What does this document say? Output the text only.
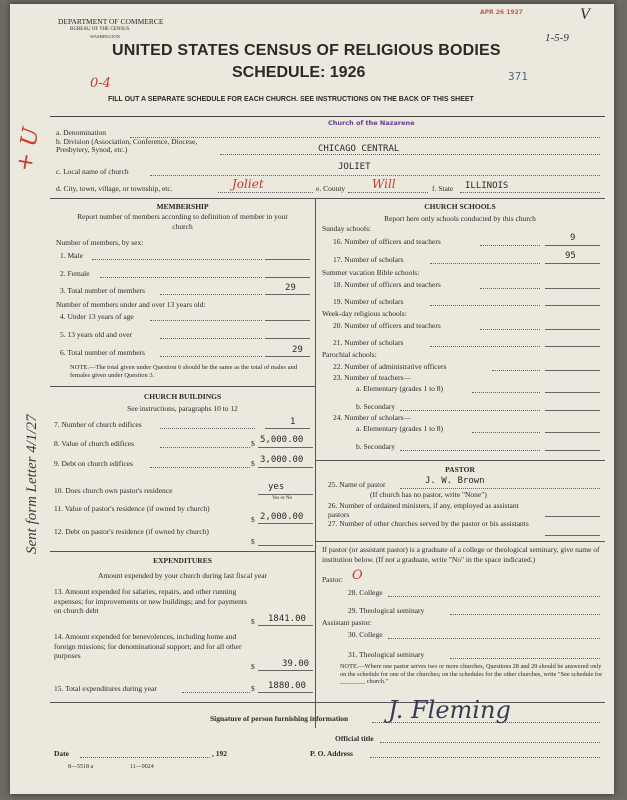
DEPARTMENT OF COMMERCE
BUREAU OF THE CENSUS
WASHINGTON
UNITED STATES CENSUS OF RELIGIOUS BODIES
SCHEDULE: 1926
FILL OUT A SEPARATE SCHEDULE FOR EACH CHURCH. SEE INSTRUCTIONS ON THE BACK OF THIS SHEET
APR 26 1927	V
1-5-9
371
0-4
+ U
Sent form Letter 4/1/27
a. Denomination
Church of the Nazarene
b. Division (Association, Conference, Diocese, Presbytery, Synod, etc.)	CHICAGO CENTRAL
c. Local name of church	JOLIET
d. City, town, village, or township, etc.	Joliet	e. County Will	f. State ILLINOIS
MEMBERSHIP
Report number of members according to definition of member in your church
Number of members, by sex:
1. Male
2. Female
3. Total number of members	29
Number of members under and over 13 years old:
4. Under 13 years of age
5. 13 years old and over
6. Total number of members	29
NOTE.—The total given under Question 6 should be the same as the total of males and females given under Question 3.
CHURCH BUILDINGS
See instructions, paragraphs 10 to 12
7. Number of church edifices	1
8. Value of church edifices	$ 5,000.00
9. Debt on church edifices	$ 3,000.00
10. Does church own pastor's residence	yes
Yes or No
11. Value of pastor's residence (if owned by church)
$ 2,000.00
12. Debt on pastor's residence (if owned by church)
$
EXPENDITURES
Amount expended by your church during last fiscal year
13. Amount expended for salaries, repairs, and other running expenses; for improvements or new buildings; and for payments on church debt
$ 1841.00
14. Amount expended for benevolences, including home and foreign missions; for denominational support; and for all other purposes
$	39.00
15. Total expenditures during year	$ 1880.00
CHURCH SCHOOLS
Report here only schools conducted by this church
Sunday schools:
16. Number of officers and teachers	9
17. Number of scholars	95
Summer vacation Bible schools:
18. Number of officers and teachers
19. Number of scholars
Week-day religious schools:
20. Number of officers and teachers
21. Number of scholars
Parochial schools:
22. Number of administrative officers
23. Number of teachers—
a. Elementary (grades 1 to 8)
b. Secondary
24. Number of scholars—
a. Elementary (grades 1 to 8)
b. Secondary
PASTOR
25. Name of pastor	J. W. Brown
(If church has no pastor, write "None")
26. Number of ordained ministers, if any, employed as assistant pastors
27. Number of other churches served by the pastor or his assistants
If pastor (or assistant pastor) is a graduate of a college or theological seminary, give name of institution below. (If not a graduate, write "No" in the space indicated.)
Pastor: O
28. College
29. Theological seminary
Assistant pastor:
30. College
31. Theological seminary
NOTE.—Where one pastor serves two or more churches, Questions 28 and 29 should be answered only on the schedule for one of the churches; on the schedules for the other churches, write "See schedule for ________ church."
Signature of person furnishing information J. Fleming
Official title
Date	, 192	P. O. Address
8—5518 a	11—9024
